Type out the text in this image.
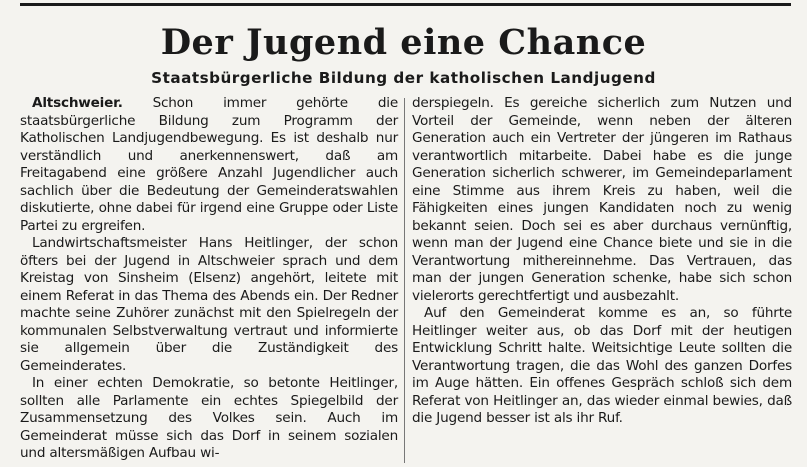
Der Jugend eine Chance
Staatsbürgerliche Bildung der katholischen Landjugend

Altschweier. Schon immer gehörte die staatsbürgerliche Bildung zum Programm der Katholischen Landjugendbewegung. Es ist deshalb nur verständlich und anerkennenswert, daß am Freitagabend eine größere Anzahl Jugendlicher auch sachlich über die Bedeutung der Gemeinderatswahlen diskutierte, ohne dabei für irgend eine Gruppe oder Liste Partei zu ergreifen.

Landwirtschaftsmeister Hans Heitlinger, der schon öfters bei der Jugend in Altschweier sprach und dem Kreistag von Sinsheim (Elsenz) angehört, leitete mit einem Referat in das Thema des Abends ein. Der Redner machte seine Zuhörer zunächst mit den Spielregeln der kommunalen Selbstverwaltung vertraut und informierte sie allgemein über die Zuständigkeit des Gemeinderates.

In einer echten Demokratie, so betonte Heitlinger, sollten alle Parlamente ein echtes Spiegelbild der Zusammensetzung des Volkes sein. Auch im Gemeinderat müsse sich das Dorf in seinem sozialen und altersmäßigen Aufbau wi-

derspiegeln. Es gereiche sicherlich zum Nutzen und Vorteil der Gemeinde, wenn neben der älteren Generation auch ein Vertreter der jüngeren im Rathaus verantwortlich mitarbeite. Dabei habe es die junge Generation sicherlich schwerer, im Gemeindeparlament eine Stimme aus ihrem Kreis zu haben, weil die Fähigkeiten eines jungen Kandidaten noch zu wenig bekannt seien. Doch sei es aber durchaus vernünftig, wenn man der Jugend eine Chance biete und sie in die Verantwortung mithereinnehme. Das Vertrauen, das man der jungen Generation schenke, habe sich schon vielerorts gerechtfertigt und ausbezahlt.

Auf den Gemeinderat komme es an, so führte Heitlinger weiter aus, ob das Dorf mit der heutigen Entwicklung Schritt halte. Weitsichtige Leute sollten die Verantwortung tragen, die das Wohl des ganzen Dorfes im Auge hätten. Ein offenes Gespräch schloß sich dem Referat von Heitlinger an, das wieder einmal bewies, daß die Jugend besser ist als ihr Ruf.
